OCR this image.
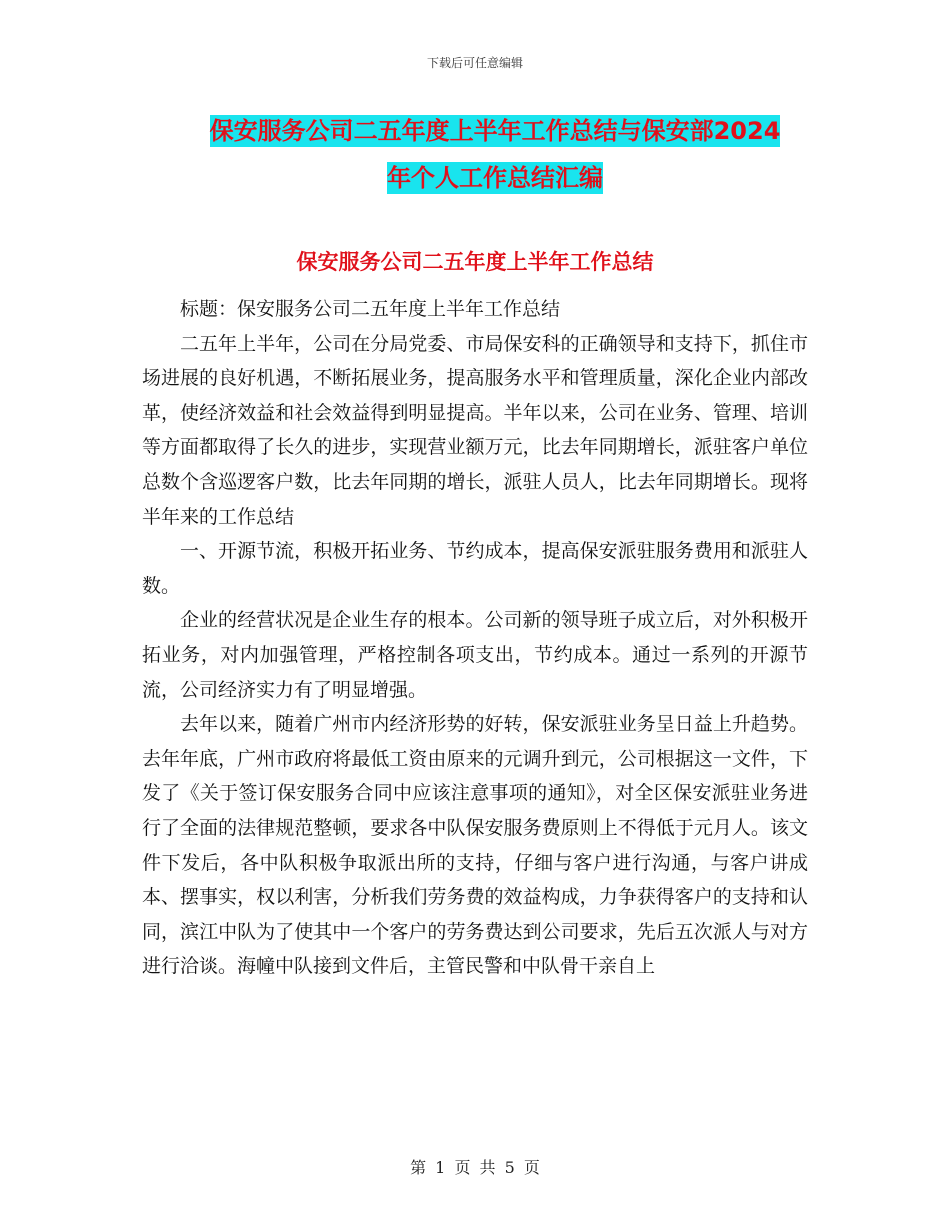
下载后可任意编辑
保安服务公司二五年度上半年工作总结与保安部2024
年个人工作总结汇编
保安服务公司二五年度上半年工作总结

标题：保安服务公司二五年度上半年工作总结

二五年上半年，公司在分局党委、市局保安科的正确领导和支持下，抓住市场进展的良好机遇，不断拓展业务，提高服务水平和管理质量，深化企业内部改革，使经济效益和社会效益得到明显提高。半年以来，公司在业务、管理、培训等方面都取得了长久的进步，实现营业额万元，比去年同期增长，派驻客户单位总数个含巡逻客户数，比去年同期的增长，派驻人员人，比去年同期增长。现将半年来的工作总结

一、开源节流，积极开拓业务、节约成本，提高保安派驻服务费用和派驻人数。

企业的经营状况是企业生存的根本。公司新的领导班子成立后，对外积极开拓业务，对内加强管理，严格控制各项支出，节约成本。通过一系列的开源节流，公司经济实力有了明显增强。

去年以来，随着广州市内经济形势的好转，保安派驻业务呈日益上升趋势。去年年底，广州市政府将最低工资由原来的元调升到元，公司根据这一文件，下发了《关于签订保安服务合同中应该注意事项的通知》，对全区保安派驻业务进行了全面的法律规范整顿，要求各中队保安服务费原则上不得低于元月人。该文件下发后，各中队积极争取派出所的支持，仔细与客户进行沟通，与客户讲成本、摆事实，权以利害，分析我们劳务费的效益构成，力争获得客户的支持和认同，滨江中队为了使其中一个客户的劳务费达到公司要求，先后五次派人与对方进行洽谈。海幢中队接到文件后，主管民警和中队骨干亲自上

第 1 页 共 5 页
